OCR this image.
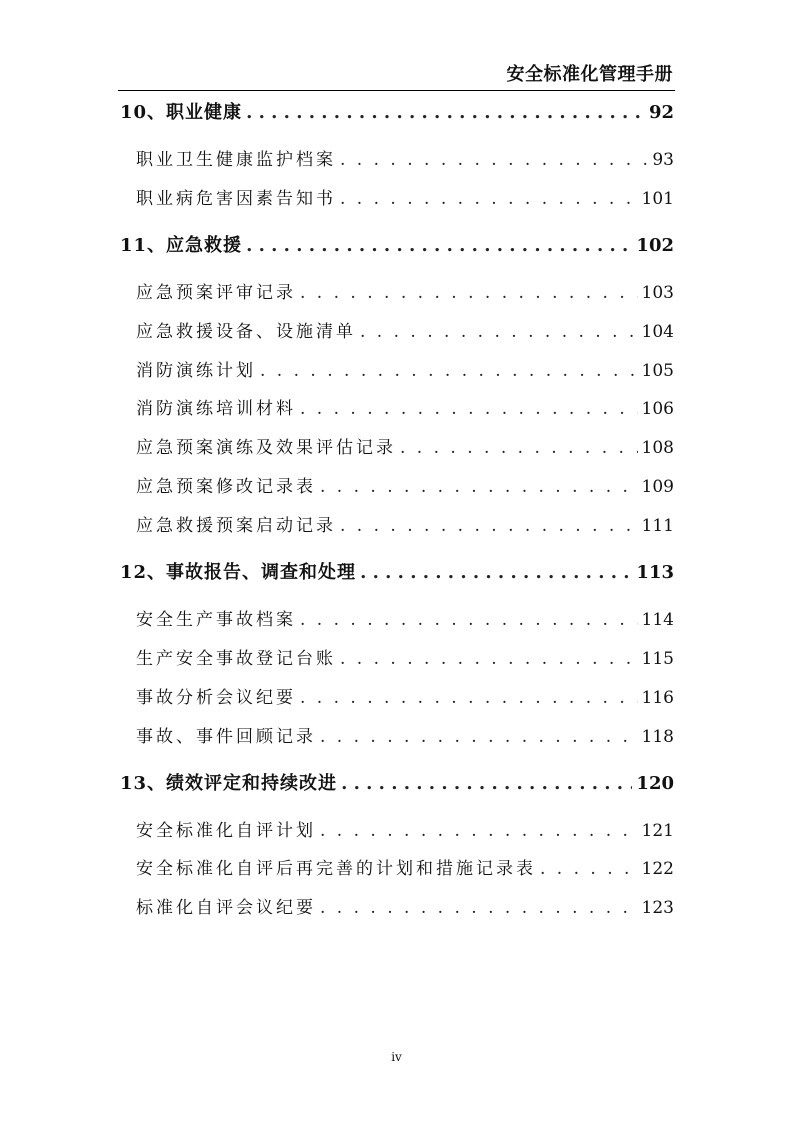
安全标准化管理手册
10、职业健康 . . .	92
职业卫生健康监护档案 . . .	93
职业病危害因素告知书 . . .	101
11、应急救援 . . .	102
应急预案评审记录 . . .	103
应急救援设备、设施清单 . . .	104
消防演练计划 . . .	105
消防演练培训材料 . . .	106
应急预案演练及效果评估记录 . . .	108
应急预案修改记录表 . . .	109
应急救援预案启动记录 . . .	111
12、事故报告、调查和处理 . . .	113
安全生产事故档案 . . .	114
生产安全事故登记台账 . . .	115
事故分析会议纪要 . . .	116
事故、事件回顾记录 . . .	118
13、绩效评定和持续改进 . . .	120
安全标准化自评计划 . . .	121
安全标准化自评后再完善的计划和措施记录表 . . .	122
标准化自评会议纪要 . . .	123
iv
